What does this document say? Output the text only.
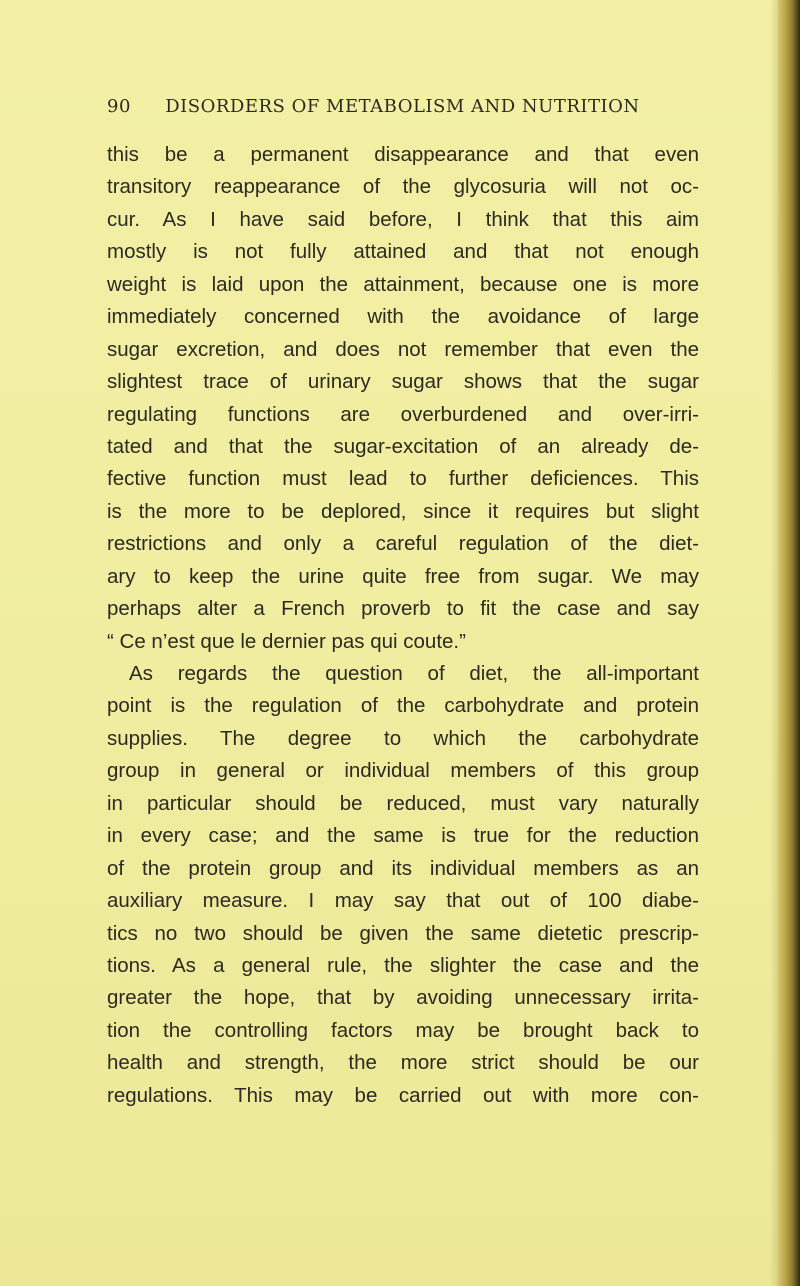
90 DISORDERS OF METABOLISM AND NUTRITION
this be a permanent disappearance and that even
transitory reappearance of the glycosuria will not oc-
cur. As I have said before, I think that this aim
mostly is not fully attained and that not enough
weight is laid upon the attainment, because one is more
immediately concerned with the avoidance of large
sugar excretion, and does not remember that even the
slightest trace of urinary sugar shows that the sugar
regulating functions are overburdened and over-irri-
tated and that the sugar-excitation of an already de-
fective function must lead to further deficiences. This
is the more to be deplored, since it requires but slight
restrictions and only a careful regulation of the diet-
ary to keep the urine quite free from sugar. We may
perhaps alter a French proverb to fit the case and say
“ Ce n’est que le dernier pas qui coute.”
As regards the question of diet, the all-important
point is the regulation of the carbohydrate and protein
supplies. The degree to which the carbohydrate
group in general or individual members of this group
in particular should be reduced, must vary naturally
in every case; and the same is true for the reduction
of the protein group and its individual members as an
auxiliary measure. I may say that out of 100 diabe-
tics no two should be given the same dietetic prescrip-
tions. As a general rule, the slighter the case and the
greater the hope, that by avoiding unnecessary irrita-
tion the controlling factors may be brought back to
health and strength, the more strict should be our
regulations. This may be carried out with more con-
